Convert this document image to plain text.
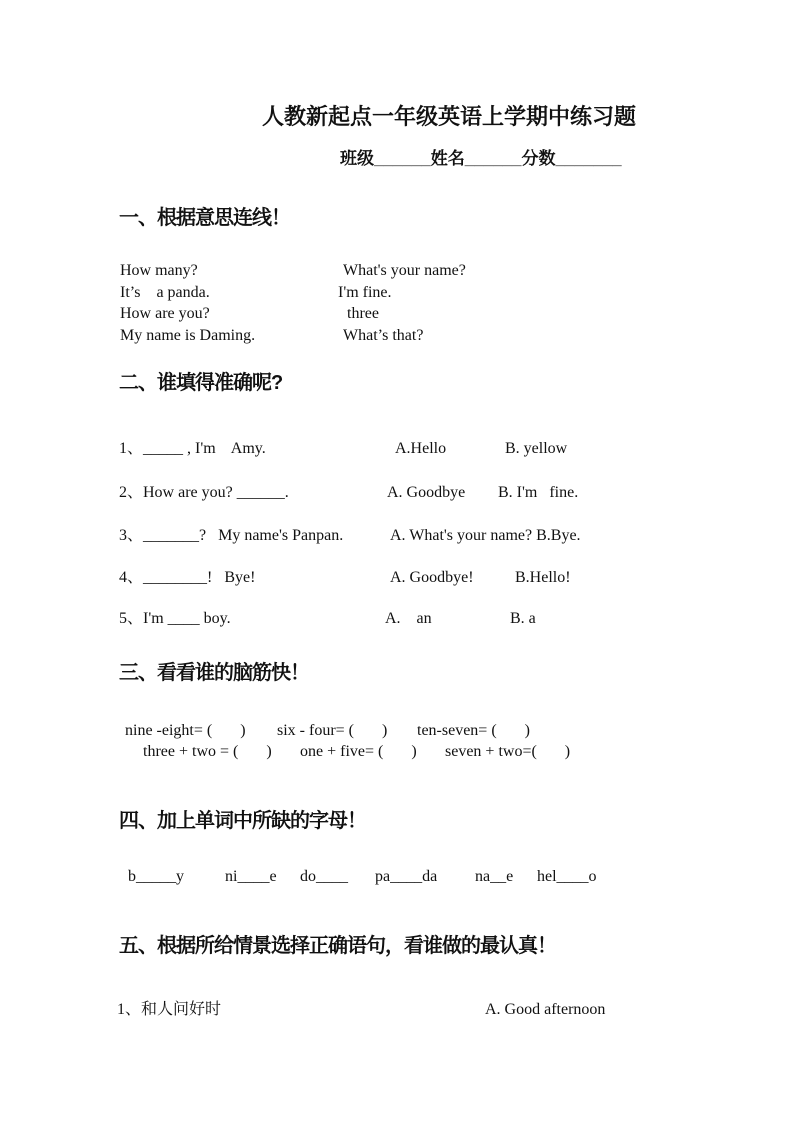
人教新起点一年级英语上学期中练习题
班级______姓名______分数_______
一、根据意思连线！
How many?	What's your name?
It’s    a panda.	I'm fine.
How are you?	three
My name is Daming.	What’s that?
二、谁填得准确呢?
1、_____ , I'm    Amy.	A.Hello	B. yellow
2、How are you? ______.	A. Goodbye B. I'm   fine.
3、_______?   My name's Panpan.	A. What's your name? B.Bye.
4、________!   Bye!	A. Goodbye!	B.Hello!
5、I'm ____ boy.	A.    an	B. a
三、看看谁的脑筋快！
nine -eight= (       ) six - four= (       ) ten-seven= (       )
three + two = (       ) one + five= (       ) seven + two=(       )
四、加上单词中所缺的字母！
b_____y	ni____e do____ pa____da na__e hel____o
五、根据所给情景选择正确语句，看谁做的最认真！
1、和人问好时	A. Good afternoon
